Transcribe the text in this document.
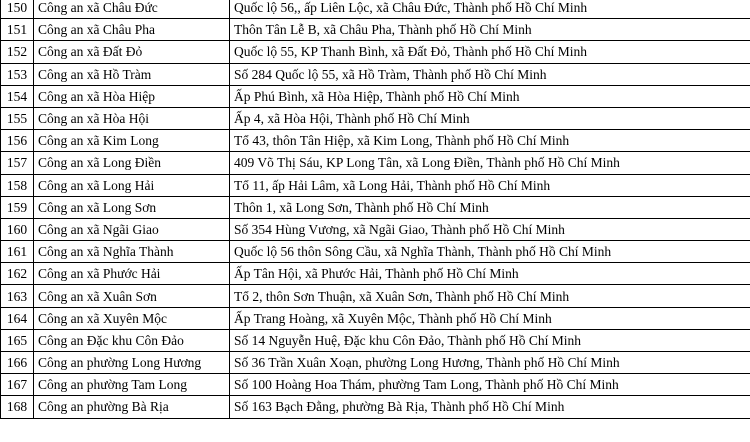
150	Công an xã Châu Đức	Quốc lộ 56,, ấp Liên Lộc, xã Châu Đức, Thành phố Hồ Chí Minh
151	Công an xã Châu Pha	Thôn Tân Lễ B, xã Châu Pha, Thành phố Hồ Chí Minh
152	Công an xã Đất Đỏ	Quốc lộ 55, KP Thanh Bình, xã Đất Đỏ, Thành phố Hồ Chí Minh
153	Công an xã Hồ Tràm	Số 284 Quốc lộ 55, xã Hồ Tràm, Thành phố Hồ Chí Minh
154	Công an xã Hòa Hiệp	Ấp Phú Bình, xã Hòa Hiệp, Thành phố Hồ Chí Minh
155	Công an xã Hòa Hội	Ấp 4, xã Hòa Hội, Thành phố Hồ Chí Minh
156	Công an xã Kim Long	Tổ 43, thôn Tân Hiệp, xã Kim Long, Thành phố Hồ Chí Minh
157	Công an xã Long Điền	409 Võ Thị Sáu, KP Long Tân, xã Long Điền, Thành phố Hồ Chí Minh
158	Công an xã Long Hải	Tổ 11, ấp Hải Lâm, xã Long Hải, Thành phố Hồ Chí Minh
159	Công an xã Long Sơn	Thôn 1, xã Long Sơn, Thành phố Hồ Chí Minh
160	Công an xã Ngãi Giao	Số 354 Hùng Vương, xã Ngãi Giao, Thành phố Hồ Chí Minh
161	Công an xã Nghĩa Thành	Quốc lộ 56 thôn Sông Cầu, xã Nghĩa Thành, Thành phố Hồ Chí Minh
162	Công an xã Phước Hải	Ấp Tân Hội, xã Phước Hải, Thành phố Hồ Chí Minh
163	Công an xã Xuân Sơn	Tổ 2, thôn Sơn Thuận, xã Xuân Sơn, Thành phố Hồ Chí Minh
164	Công an xã Xuyên Mộc	Ấp Trang Hoàng, xã Xuyên Mộc, Thành phố Hồ Chí Minh
165	Công an Đặc khu Côn Đảo	Số 14 Nguyễn Huệ, Đặc khu Côn Đảo, Thành phố Hồ Chí Minh
166	Công an phường Long Hương	Số 36 Trần Xuân Xoạn, phường Long Hương, Thành phố Hồ Chí Minh
167	Công an phường Tam Long	Số 100 Hoàng Hoa Thám, phường Tam Long, Thành phố Hồ Chí Minh
168	Công an phường Bà Rịa	Số 163 Bạch Đằng, phường Bà Rịa, Thành phố Hồ Chí Minh
